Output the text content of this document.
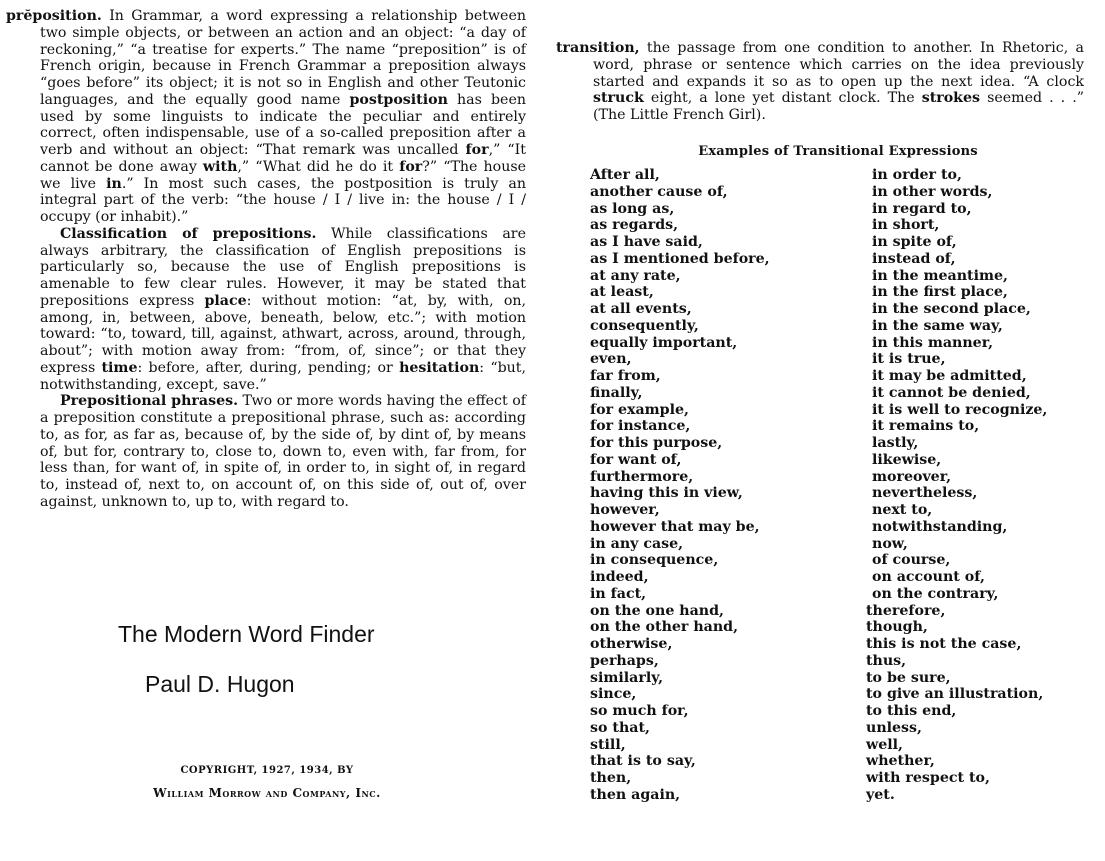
prĕposition. In Grammar, a word expressing a relationship between two simple objects, or between an action and an object: “a day of reckoning,” “a treatise for experts.” The name “preposition” is of French origin, because in French Grammar a preposition always “goes before” its object; it is not so in English and other Teutonic languages, and the equally good name postposition has been used by some linguists to indicate the peculiar and entirely correct, often indispensable, use of a so-called preposition after a verb and without an object: “That remark was uncalled for,” “It cannot be done away with,” “What did he do it for?” “The house we live in.” In most such cases, the postposition is truly an integral part of the verb: “the house / I / live in: the house / I / occupy (or inhabit).”

Classification of prepositions. While classifications are always arbitrary, the classification of English prepositions is particularly so, because the use of English prepositions is amenable to few clear rules. However, it may be stated that prepositions express place: without motion: “at, by, with, on, among, in, between, above, beneath, below, etc.”; with motion toward: “to, toward, till, against, athwart, across, around, through, about”; with motion away from: “from, of, since”; or that they express time: before, after, during, pending; or hesitation: “but, notwithstanding, except, save.”

Prepositional phrases. Two or more words having the effect of a preposition constitute a prepositional phrase, such as: according to, as for, as far as, because of, by the side of, by dint of, by means of, but for, contrary to, close to, down to, even with, far from, for less than, for want of, in spite of, in order to, in sight of, in regard to, instead of, next to, on account of, on this side of, out of, over against, unknown to, up to, with regard to.

The Modern Word Finder
Paul D. Hugon
COPYRIGHT, 1927, 1934, BY
William Morrow and Company, Inc.

transition, the passage from one condition to another. In Rhetoric, a word, phrase or sentence which carries on the idea previously started and expands it so as to open up the next idea. “A clock struck eight, a lone yet distant clock. The strokes seemed . . .” (The Little French Girl).

Examples of Transitional Expressions
After all,
another cause of,
as long as,
as regards,
as I have said,
as I mentioned before,
at any rate,
at least,
at all events,
consequently,
equally important,
even,
far from,
finally,
for example,
for instance,
for this purpose,
for want of,
furthermore,
having this in view,
however,
however that may be,
in any case,
in consequence,
indeed,
in fact,
on the one hand,
on the other hand,
otherwise,
perhaps,
similarly,
since,
so much for,
so that,
still,
that is to say,
then,
then again,
in order to,
in other words,
in regard to,
in short,
in spite of,
instead of,
in the meantime,
in the first place,
in the second place,
in the same way,
in this manner,
it is true,
it may be admitted,
it cannot be denied,
it is well to recognize,
it remains to,
lastly,
likewise,
moreover,
nevertheless,
next to,
notwithstanding,
now,
of course,
on account of,
on the contrary,
therefore,
though,
this is not the case,
thus,
to be sure,
to give an illustration,
to this end,
unless,
well,
whether,
with respect to,
yet.
